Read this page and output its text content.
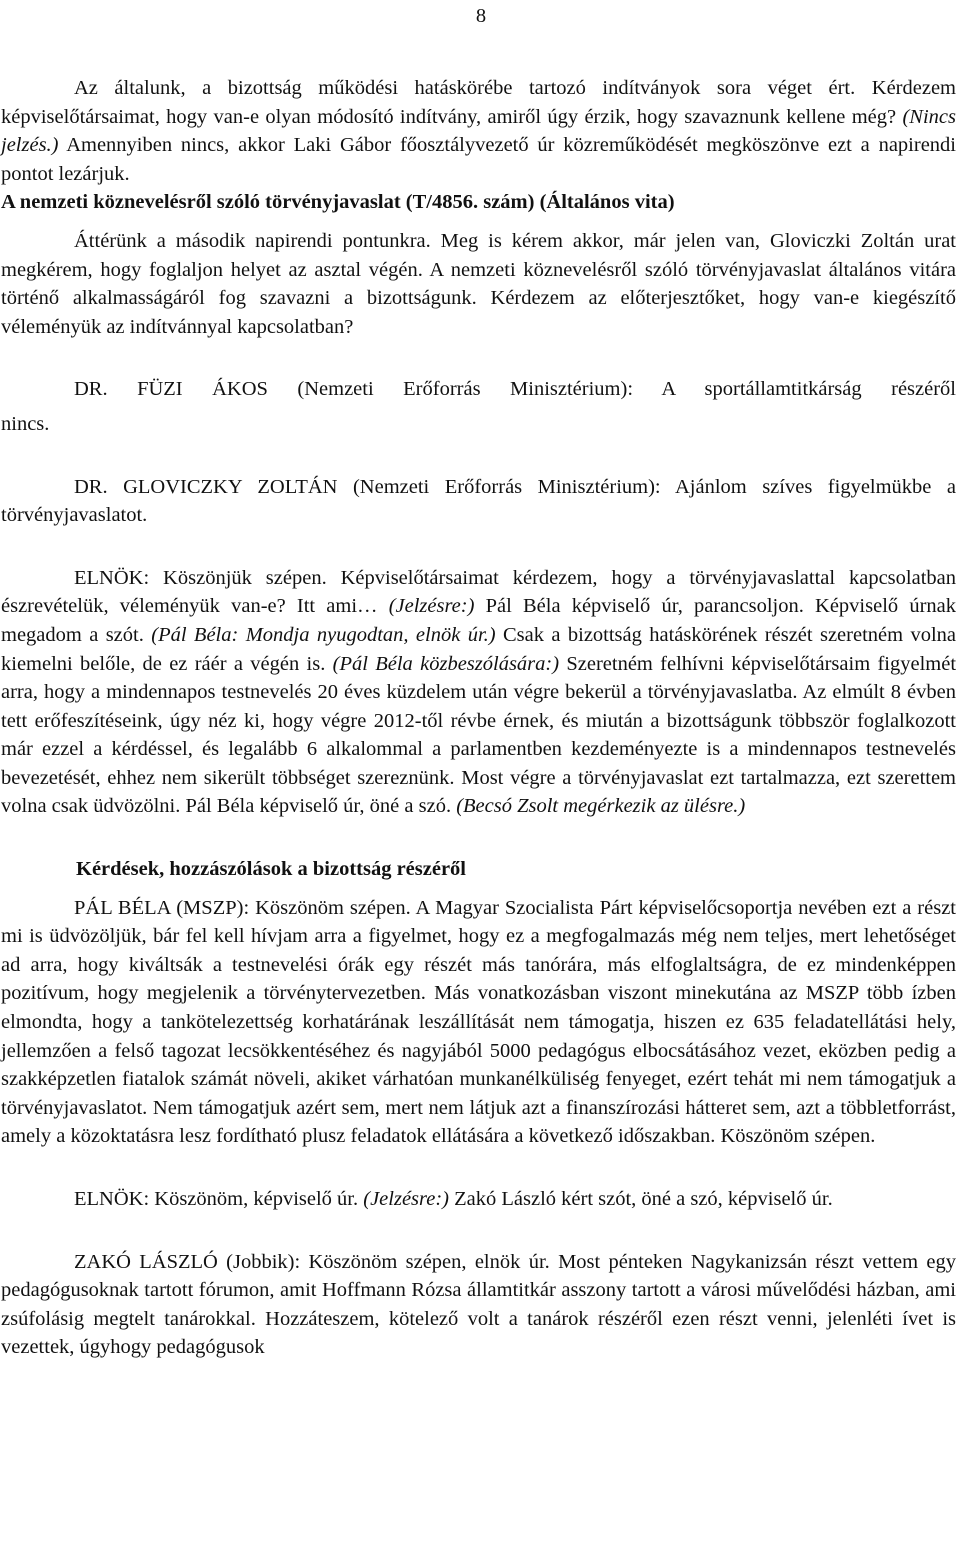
8

Az általunk, a bizottság működési hatáskörébe tartozó indítványok sora véget ért. Kérdezem képviselőtársaimat, hogy van-e olyan módosító indítvány, amiről úgy érzik, hogy szavaznunk kellene még? (Nincs jelzés.) Amennyiben nincs, akkor Laki Gábor főosztályvezető úr közreműködését megköszönve ezt a napirendi pontot lezárjuk.

A nemzeti köznevelésről szóló törvényjavaslat (T/4856. szám) (Általános vita)

Áttérünk a második napirendi pontunkra. Meg is kérem akkor, már jelen van, Gloviczki Zoltán urat megkérem, hogy foglaljon helyet az asztal végén. A nemzeti köznevelésről szóló törvényjavaslat általános vitára történő alkalmasságáról fog szavazni a bizottságunk. Kérdezem az előterjesztőket, hogy van-e kiegészítő véleményük az indítvánnyal kapcsolatban?

DR. FÜZI ÁKOS (Nemzeti Erőforrás Minisztérium): A sportállamtitkárság részéről
nincs.

DR. GLOVICZKY ZOLTÁN (Nemzeti Erőforrás Minisztérium): Ajánlom szíves figyelmükbe a törvényjavaslatot.

ELNÖK: Köszönjük szépen. Képviselőtársaimat kérdezem, hogy a törvényjavaslattal kapcsolatban észrevételük, véleményük van-e? Itt ami… (Jelzésre:) Pál Béla képviselő úr, parancsoljon. Képviselő úrnak megadom a szót. (Pál Béla: Mondja nyugodtan, elnök úr.) Csak a bizottság hatáskörének részét szeretném volna kiemelni belőle, de ez ráér a végén is. (Pál Béla közbeszólására:) Szeretném felhívni képviselőtársaim figyelmét arra, hogy a mindennapos testnevelés 20 éves küzdelem után végre bekerül a törvényjavaslatba. Az elmúlt 8 évben tett erőfeszítéseink, úgy néz ki, hogy végre 2012-től révbe érnek, és miután a bizottságunk többször foglalkozott már ezzel a kérdéssel, és legalább 6 alkalommal a parlamentben kezdeményezte is a mindennapos testnevelés bevezetését, ehhez nem sikerült többséget szereznünk. Most végre a törvényjavaslat ezt tartalmazza, ezt szerettem volna csak üdvözölni. Pál Béla képviselő úr, öné a szó. (Becsó Zsolt megérkezik az ülésre.)

Kérdések, hozzászólások a bizottság részéről

PÁL BÉLA (MSZP): Köszönöm szépen. A Magyar Szocialista Párt képviselőcsoportja nevében ezt a részt mi is üdvözöljük, bár fel kell hívjam arra a figyelmet, hogy ez a megfogalmazás még nem teljes, mert lehetőséget ad arra, hogy kiváltsák a testnevelési órák egy részét más tanórára, más elfoglaltságra, de ez mindenképpen pozitívum, hogy megjelenik a törvénytervezetben. Más vonatkozásban viszont minekutána az MSZP több ízben elmondta, hogy a tankötelezettség korhatárának leszállítását nem támogatja, hiszen ez 635 feladatellátási hely, jellemzően a felső tagozat lecsökkentéséhez és nagyjából 5000 pedagógus elbocsátásához vezet, eközben pedig a szakképzetlen fiatalok számát növeli, akiket várhatóan munkanélküliség fenyeget, ezért tehát mi nem támogatjuk a törvényjavaslatot. Nem támogatjuk azért sem, mert nem látjuk azt a finanszírozási hátteret sem, azt a többletforrást, amely a közoktatásra lesz fordítható plusz feladatok ellátására a következő időszakban. Köszönöm szépen.

ELNÖK: Köszönöm, képviselő úr. (Jelzésre:) Zakó László kért szót, öné a szó, képviselő úr.

ZAKÓ LÁSZLÓ (Jobbik): Köszönöm szépen, elnök úr. Most pénteken Nagykanizsán részt vettem egy pedagógusoknak tartott fórumon, amit Hoffmann Rózsa államtitkár asszony tartott a városi művelődési házban, ami zsúfolásig megtelt tanárokkal. Hozzáteszem, kötelező volt a tanárok részéről ezen részt venni, jelenléti ívet is vezettek, úgyhogy pedagógusok
